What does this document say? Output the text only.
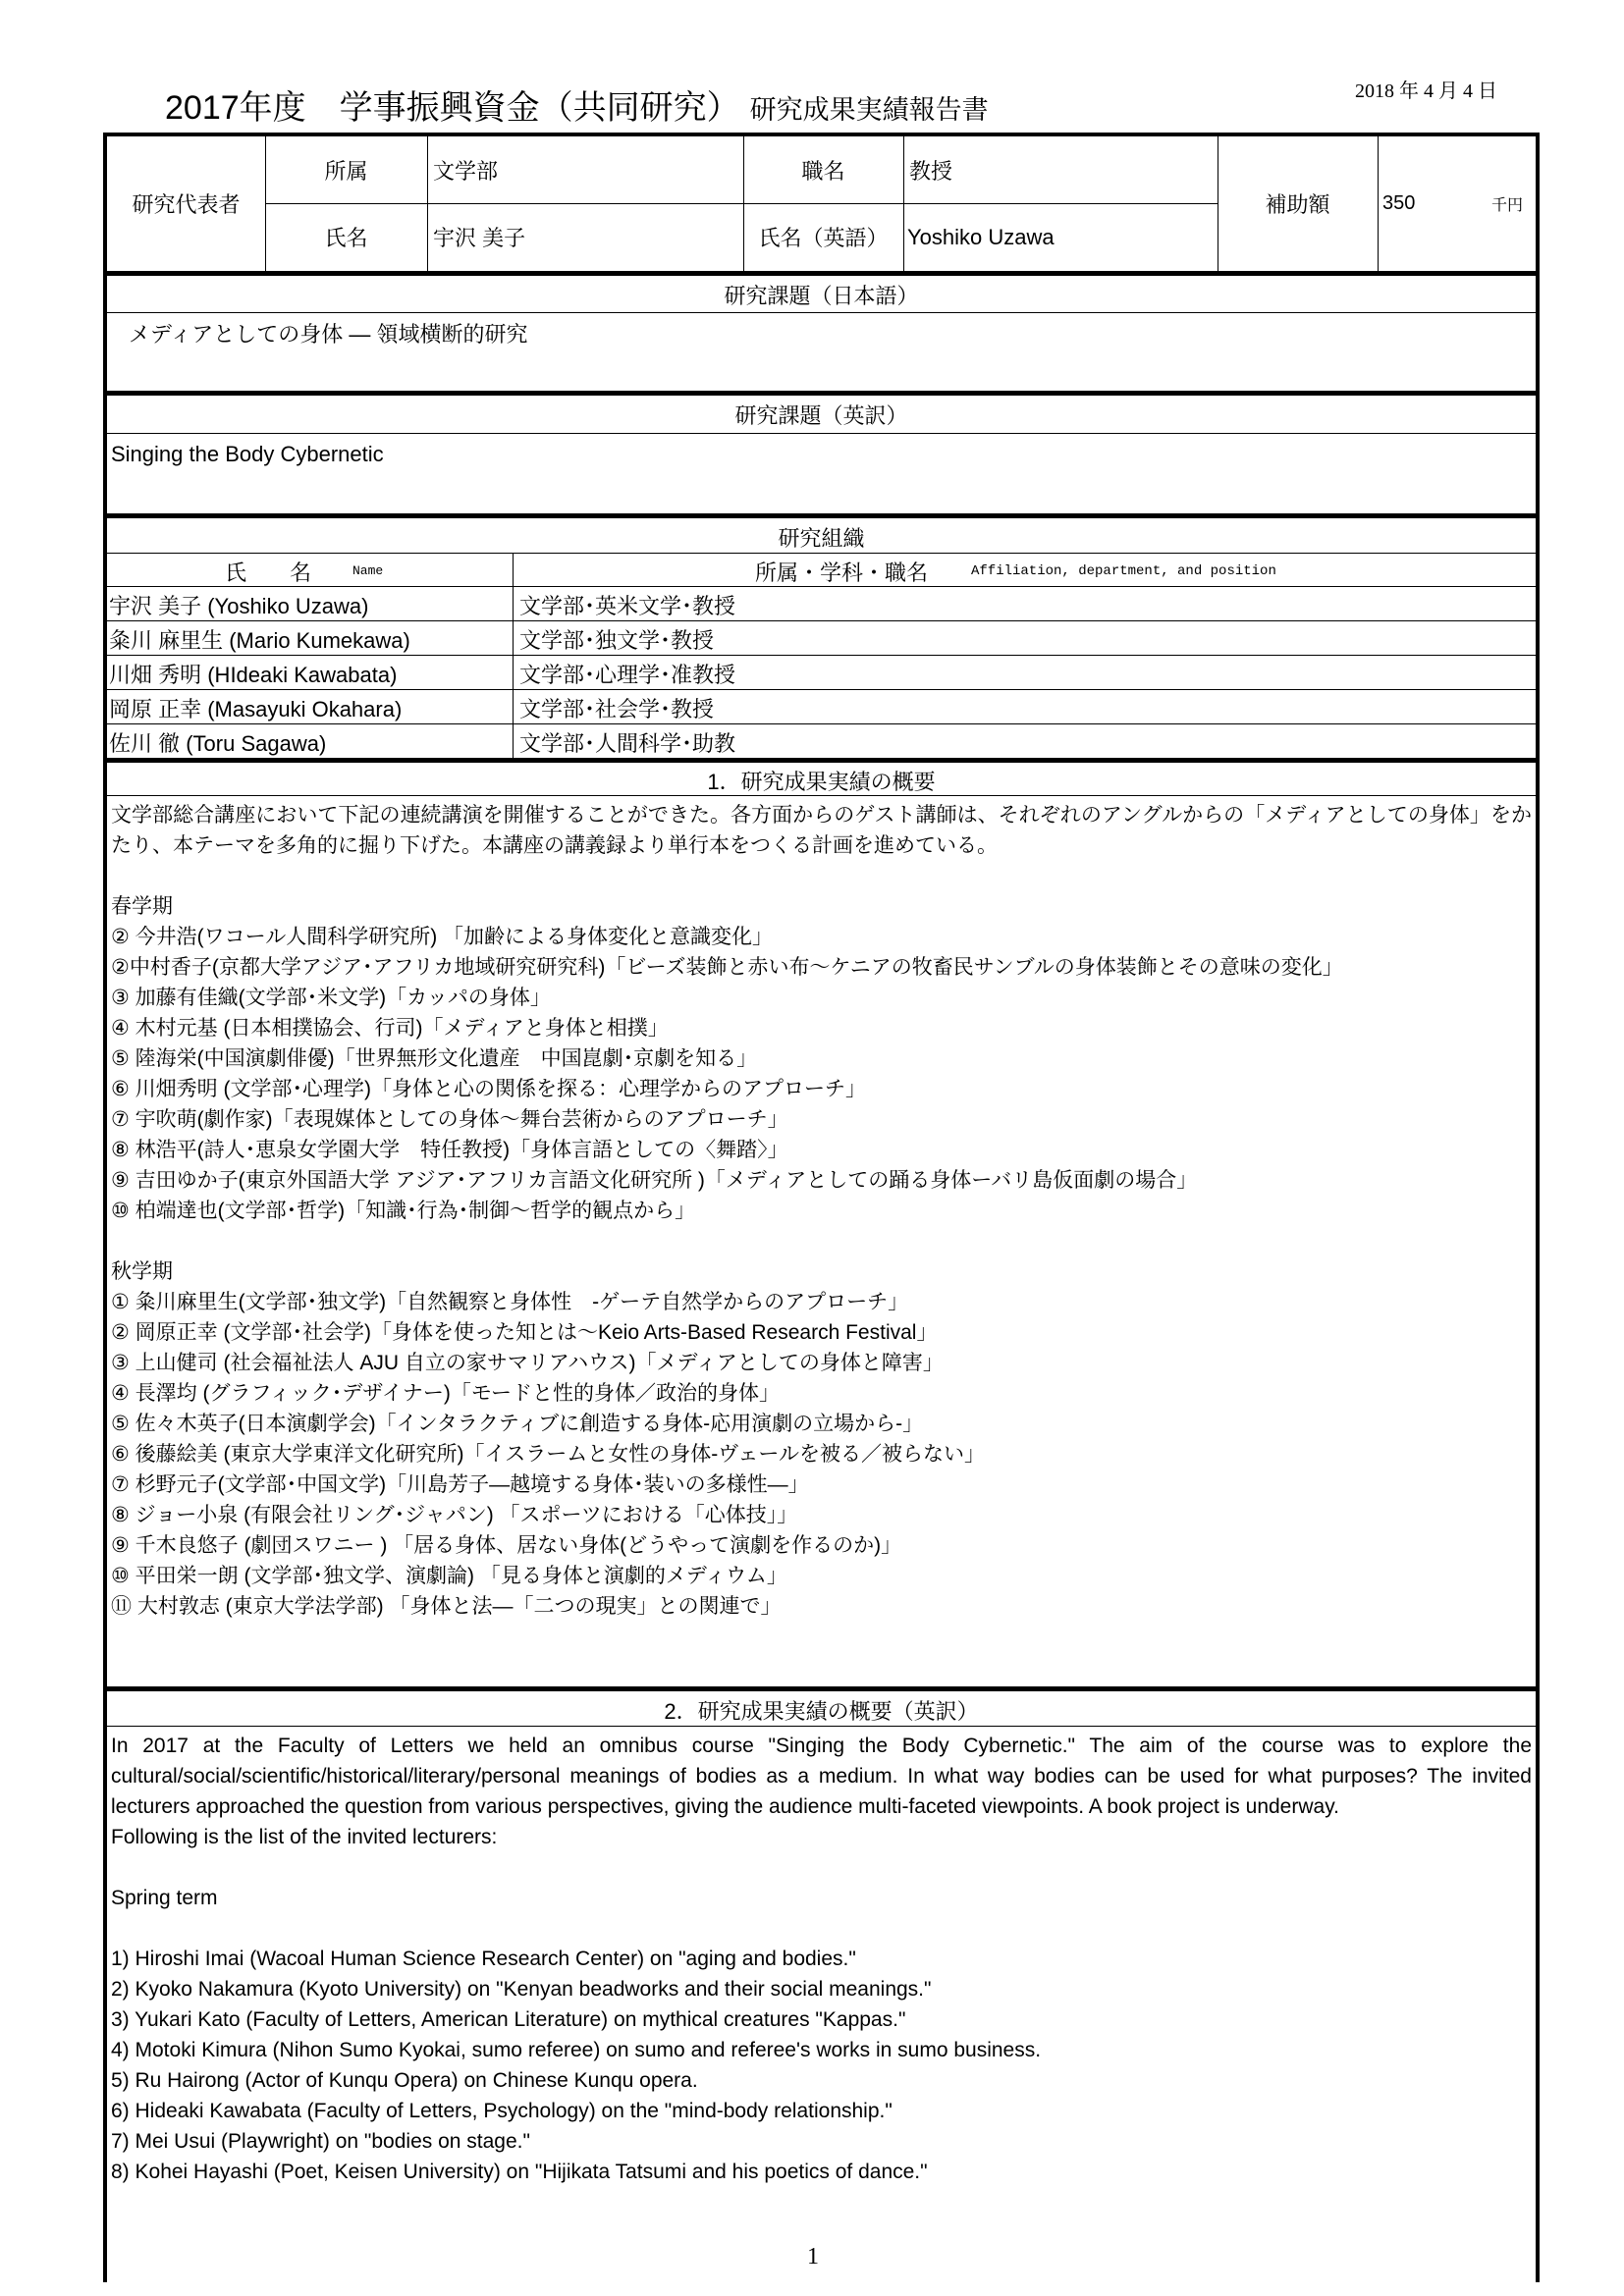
2017年度　学事振興資金（共同研究） 研究成果実績報告書
2018 年 4 月 4 日
研究代表者
所属	文学部	職名	教授
氏名	宇沢 美子	氏名（英語） Yoshiko Uzawa
補助額	350	千円
研究課題（日本語）
メディアとしての身体 ― 領域横断的研究
研究課題（英訳）
Singing the Body Cybernetic
研究組織
氏　　名	Name	所属・学科・職名	Affiliation, department, and position
宇沢 美子 (Yoshiko Uzawa)	文学部･英米文学･教授
粂川 麻里生 (Mario Kumekawa)	文学部･独文学･教授
川畑 秀明 (HIdeaki Kawabata)	文学部･心理学･准教授
岡原 正幸 (Masayuki Okahara)	文学部･社会学･教授
佐川 徹 (Toru Sagawa)	文学部･人間科学･助教
1．研究成果実績の概要
文学部総合講座において下記の連続講演を開催することができた。各方面からのゲスト講師は、それぞれのアングルからの「メディアとしての身体」をかたり、本テーマを多角的に掘り下げた。本講座の講義録より単行本をつくる計画を進めている。
春学期
② 今井浩(ワコール人間科学研究所) 「加齢による身体変化と意識変化」
②中村香子(京都大学アジア･アフリカ地域研究研究科)「ビーズ装飾と赤い布～ケニアの牧畜民サンブルの身体装飾とその意味の変化」
③ 加藤有佳織(文学部･米文学)「カッパの身体」
④ 木村元基 (日本相撲協会、行司)「メディアと身体と相撲」
⑤ 陸海栄(中国演劇俳優)「世界無形文化遺産　中国崑劇･京劇を知る」
⑥ 川畑秀明 (文学部･心理学)「身体と心の関係を探る：心理学からのアプローチ」
⑦ 宇吹萌(劇作家)「表現媒体としての身体～舞台芸術からのアプローチ」
⑧ 林浩平(詩人･恵泉女学園大学　特任教授)「身体言語としての〈舞踏〉」
⑨ 吉田ゆか子(東京外国語大学 アジア･アフリカ言語文化研究所 )「メディアとしての踊る身体ーバリ島仮面劇の場合」
⑩ 柏端達也(文学部･哲学)「知識･行為･制御～哲学的観点から」
秋学期
① 粂川麻里生(文学部･独文学)「自然観察と身体性　-ゲーテ自然学からのアプローチ」
② 岡原正幸 (文学部･社会学)「身体を使った知とは～Keio Arts-Based Research Festival」
③ 上山健司 (社会福祉法人 AJU 自立の家サマリアハウス)「メディアとしての身体と障害」
④ 長澤均 (グラフィック･デザイナー)「モードと性的身体／政治的身体」
⑤ 佐々木英子(日本演劇学会)「インタラクティブに創造する身体-応用演劇の立場から-」
⑥ 後藤絵美 (東京大学東洋文化研究所)「イスラームと女性の身体-ヴェールを被る／被らない」
⑦ 杉野元子(文学部･中国文学)「川島芳子―越境する身体･装いの多様性―」
⑧ ジョー小泉 (有限会社リング･ジャパン) 「スポーツにおける「心体技」」
⑨ 千木良悠子 (劇団スワニー ) 「居る身体、居ない身体(どうやって演劇を作るのか)」
⑩ 平田栄一朗 (文学部･独文学、演劇論) 「見る身体と演劇的メディウム」
⑪ 大村敦志 (東京大学法学部) 「身体と法―「二つの現実」との関連で」
2．研究成果実績の概要（英訳）
In 2017 at the Faculty of Letters we held an omnibus course "Singing the Body Cybernetic." The aim of the course was to explore the cultural/social/scientific/historical/literary/personal meanings of bodies as a medium. In what way bodies can be used for what purposes? The invited lecturers approached the question from various perspectives, giving the audience multi-faceted viewpoints. A book project is underway.
Following is the list of the invited lecturers:
Spring term
1) Hiroshi Imai (Wacoal Human Science Research Center) on "aging and bodies."
2) Kyoko Nakamura (Kyoto University) on "Kenyan beadworks and their social meanings."
3) Yukari Kato (Faculty of Letters, American Literature) on mythical creatures "Kappas."
4) Motoki Kimura (Nihon Sumo Kyokai, sumo referee) on sumo and referee's works in sumo business.
5) Ru Hairong (Actor of Kunqu Opera) on Chinese Kunqu opera.
6) Hideaki Kawabata (Faculty of Letters, Psychology) on the "mind-body relationship."
7) Mei Usui (Playwright) on "bodies on stage."
8) Kohei Hayashi (Poet, Keisen University) on "Hijikata Tatsumi and his poetics of dance."
1
